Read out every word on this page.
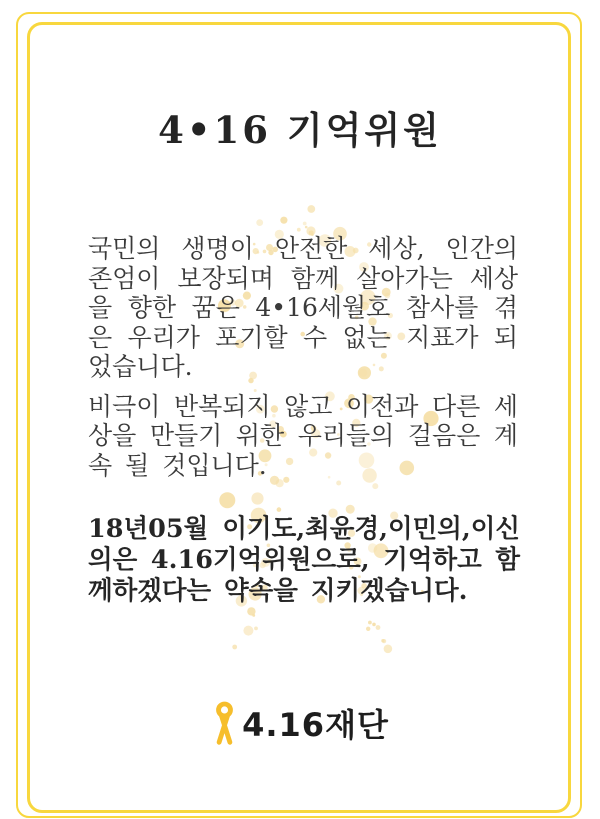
4•16 기억위원

국민의 생명이 안전한 세상, 인간의 존엄이 보장되며 함께 살아가는 세상을 향한 꿈은 4•16세월호 참사를 겪은 우리가 포기할 수 없는 지표가 되었습니다.

비극이 반복되지 않고 이전과 다른 세상을 만들기 위한 우리들의 걸음은 계속 될 것입니다.

18년05월 이기도,최윤경,이민의,이신의은 4.16기억위원으로, 기억하고 함께하겠다는 약속을 지키겠습니다.
4.16재단
